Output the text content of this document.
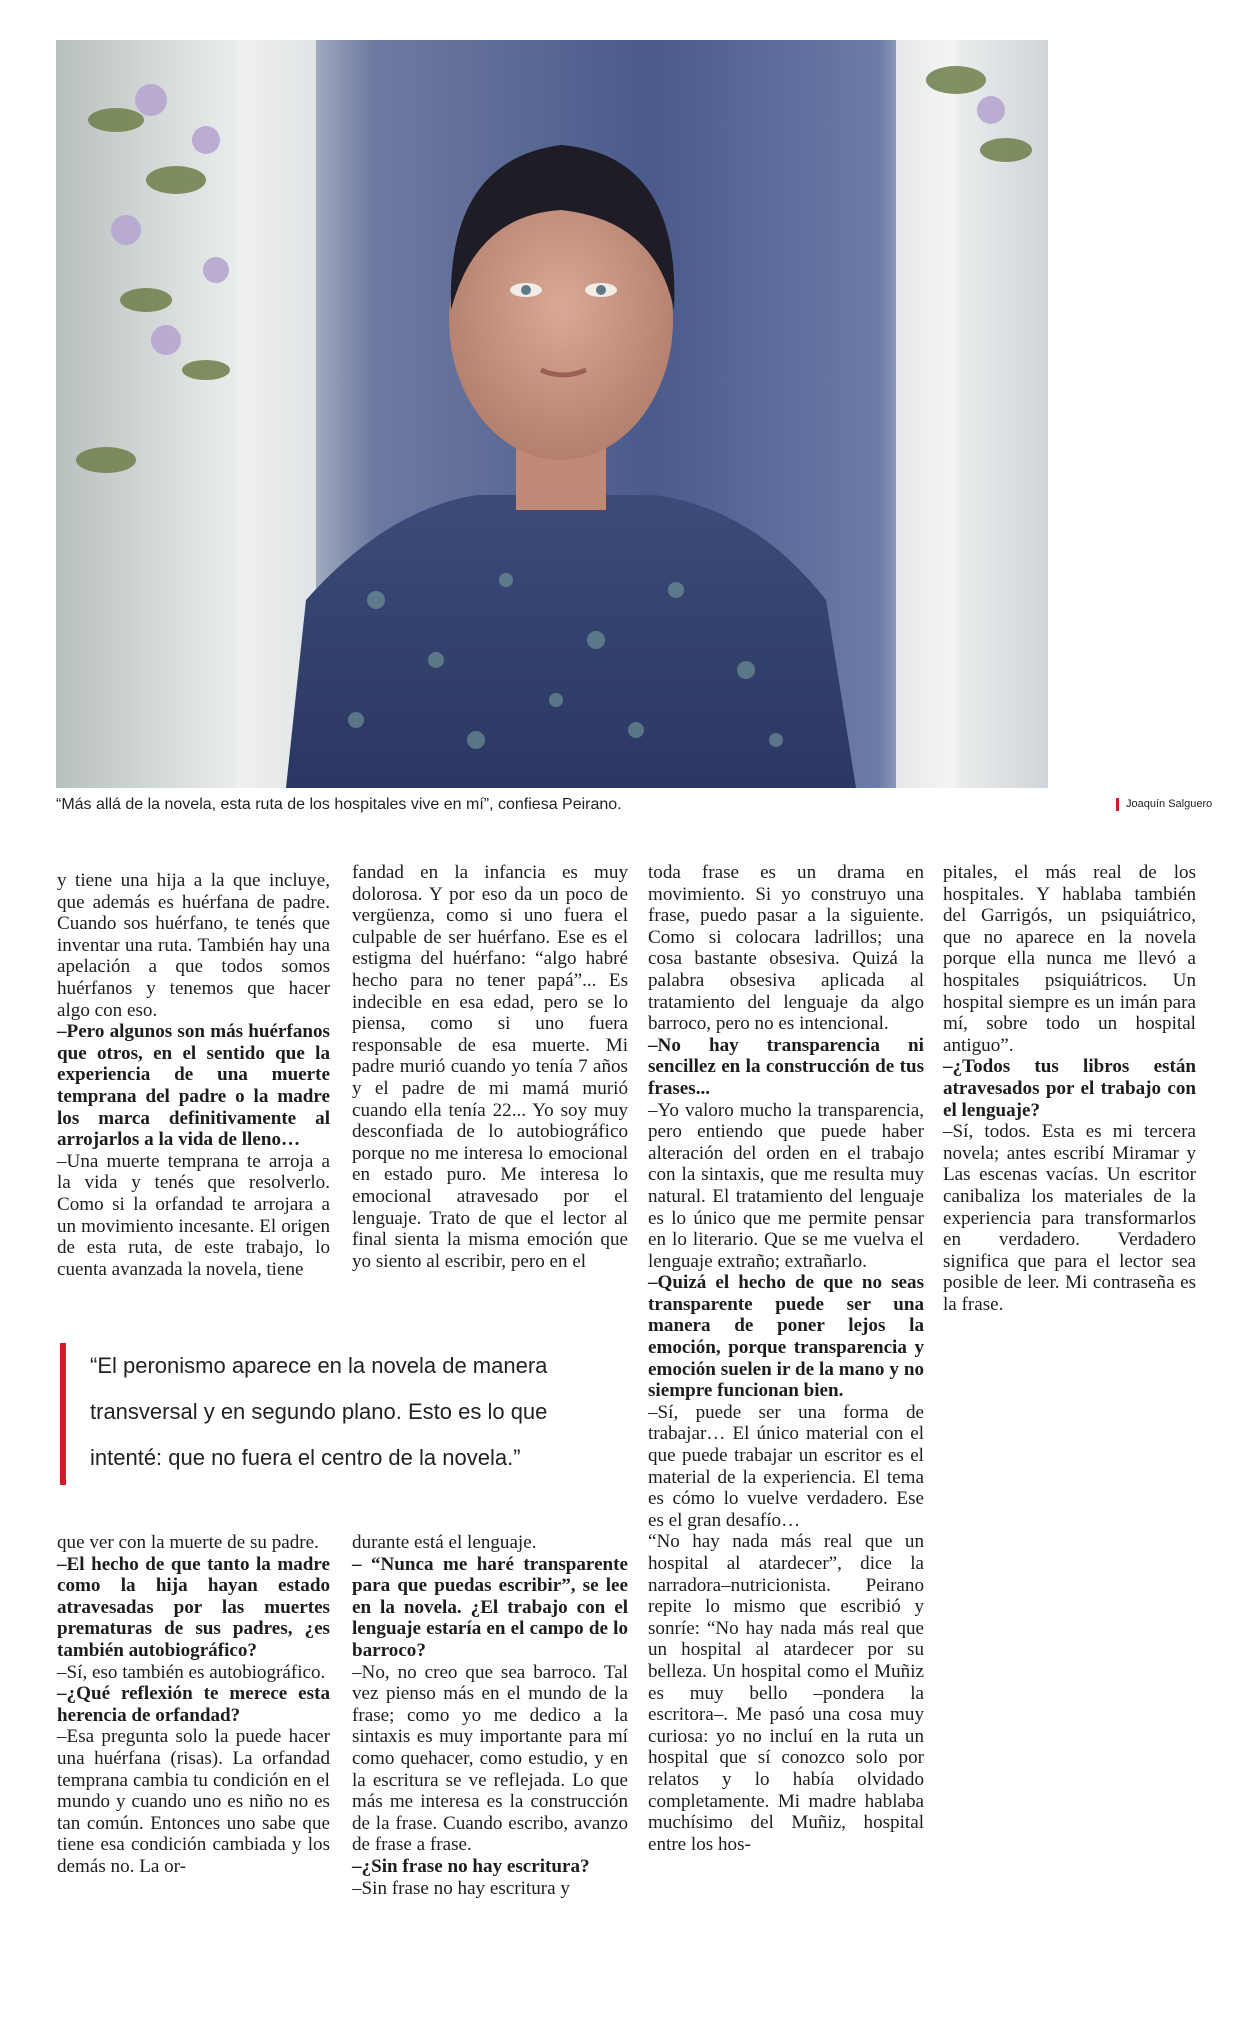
“Más allá de la novela, esta ruta de los hospitales vive en mí”, confiesa Peirano.	Joaquín Salguero

y tiene una hija a la que incluye, que además es huérfana de padre. Cuando sos huérfano, te tenés que inventar una ruta. También hay una apelación a que todos somos huérfanos y tenemos que hacer algo con eso.

–Pero algunos son más huérfanos que otros, en el sentido que la experiencia de una muerte temprana del padre o la madre los marca definitivamente al arrojarlos a la vida de lleno…

–Una muerte temprana te arroja a la vida y tenés que resolverlo. Como si la orfandad te arrojara a un movimiento incesante. El origen de esta ruta, de este trabajo, lo cuenta avanzada la novela, tiene

fandad en la infancia es muy dolorosa. Y por eso da un poco de vergüenza, como si uno fuera el culpable de ser huérfano. Ese es el estigma del huérfano: “algo habré hecho para no tener papá”... Es indecible en esa edad, pero se lo piensa, como si uno fuera responsable de esa muerte. Mi padre murió cuando yo tenía 7 años y el padre de mi mamá murió cuando ella tenía 22... Yo soy muy desconfiada de lo autobiográfico porque no me interesa lo emocional en estado puro. Me interesa lo emocional atravesado por el lenguaje. Trato de que el lector al final sienta la misma emoción que yo siento al escribir, pero en el

toda frase es un drama en movimiento. Si yo construyo una frase, puedo pasar a la siguiente. Como si colocara ladrillos; una cosa bastante obsesiva. Quizá la palabra obsesiva aplicada al tratamiento del lenguaje da algo barroco, pero no es intencional.

–No hay transparencia ni sencillez en la construcción de tus frases...

–Yo valoro mucho la transparencia, pero entiendo que puede haber alteración del orden en el trabajo con la sintaxis, que me resulta muy natural. El tratamiento del lenguaje es lo único que me permite pensar en lo literario. Que se me vuelva el lenguaje extraño; extrañarlo.

–Quizá el hecho de que no seas transparente puede ser una manera de poner lejos la emoción, porque transparencia y emoción suelen ir de la mano y no siempre funcionan bien.

–Sí, puede ser una forma de trabajar… El único material con el que puede trabajar un escritor es el material de la experiencia. El tema es cómo lo vuelve verdadero. Ese es el gran desafío…

“No hay nada más real que un hospital al atardecer”, dice la narradora–nutricionista. Peirano repite lo mismo que escribió y sonríe: “No hay nada más real que un hospital al atardecer por su belleza. Un hospital como el Muñiz es muy bello –pondera la escritora–. Me pasó una cosa muy curiosa: yo no incluí en la ruta un hospital que sí conozco solo por relatos y lo había olvidado completamente. Mi madre hablaba muchísimo del Muñiz, hospital entre los hos-

pitales, el más real de los hospitales. Y hablaba también del Garrigós, un psiquiátrico, que no aparece en la novela porque ella nunca me llevó a hospitales psiquiátricos. Un hospital siempre es un imán para mí, sobre todo un hospital antiguo”.

–¿Todos tus libros están atravesados por el trabajo con el lenguaje?

–Sí, todos. Esta es mi tercera novela; antes escribí Miramar y Las escenas vacías. Un escritor canibaliza los materiales de la experiencia para transformarlos en verdadero. Verdadero significa que para el lector sea posible de leer. Mi contraseña es la frase.

“El peronismo aparece en la novela de manera

transversal y en segundo plano. Esto es lo que

intenté: que no fuera el centro de la novela.”

que ver con la muerte de su padre.

–El hecho de que tanto la madre como la hija hayan estado atravesadas por las muertes prematuras de sus padres, ¿es también autobiográfico?

–Sí, eso también es autobiográfico.

–¿Qué reflexión te merece esta herencia de orfandad?

–Esa pregunta solo la puede hacer una huérfana (risas). La orfandad temprana cambia tu condición en el mundo y cuando uno es niño no es tan común. Entonces uno sabe que tiene esa condición cambiada y los demás no. La or-

durante está el lenguaje.

– “Nunca me haré transparente para que puedas escribir”, se lee en la novela. ¿El trabajo con el lenguaje estaría en el campo de lo barroco?

–No, no creo que sea barroco. Tal vez pienso más en el mundo de la frase; como yo me dedico a la sintaxis es muy importante para mí como quehacer, como estudio, y en la escritura se ve reflejada. Lo que más me interesa es la construcción de la frase. Cuando escribo, avanzo de frase a frase.

–¿Sin frase no hay escritura?

–Sin frase no hay escritura y
